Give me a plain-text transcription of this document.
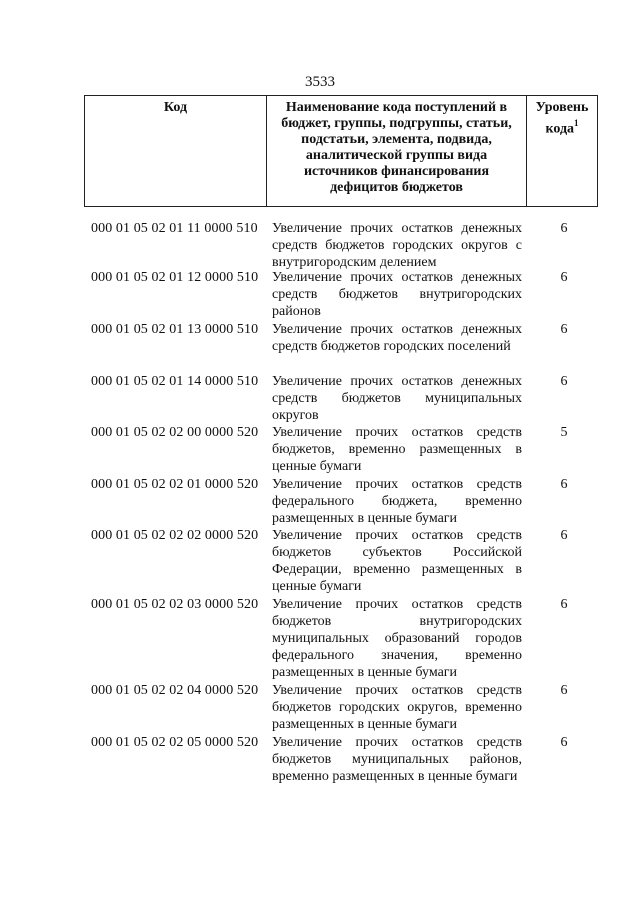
3533
Код	Наименование кода поступлений в бюджет, группы, подгруппы, статьи, подстатьи, элемента, подвида, аналитической группы вида источников финансирования дефицитов бюджетов
Уровень кода$^1$
000 01 05 02 01 11 0000 510 Увеличение прочих остатков денежных средств бюджетов городских округов с внутригородским делением
6
000 01 05 02 01 12 0000 510 Увеличение прочих остатков денежных средств бюджетов внутригородских районов
6
000 01 05 02 01 13 0000 510 Увеличение прочих остатков денежных средств бюджетов городских поселений
6
000 01 05 02 01 14 0000 510 Увеличение прочих остатков денежных средств бюджетов муниципальных округов
6
000 01 05 02 02 00 0000 520 Увеличение прочих остатков средств бюджетов, временно размещенных в ценные бумаги
5
000 01 05 02 02 01 0000 520 Увеличение прочих остатков средств федерального бюджета, временно размещенных в ценные бумаги
6
000 01 05 02 02 02 0000 520 Увеличение прочих остатков средств бюджетов субъектов Российской Федерации, временно размещенных в ценные бумаги
6
000 01 05 02 02 03 0000 520 Увеличение прочих остатков средств бюджетов внутригородских муниципальных образований городов федерального значения, временно размещенных в ценные бумаги
6
000 01 05 02 02 04 0000 520 Увеличение прочих остатков средств бюджетов городских округов, временно размещенных в ценные бумаги
6
000 01 05 02 02 05 0000 520 Увеличение прочих остатков средств бюджетов муниципальных районов, временно размещенных в ценные бумаги
6
